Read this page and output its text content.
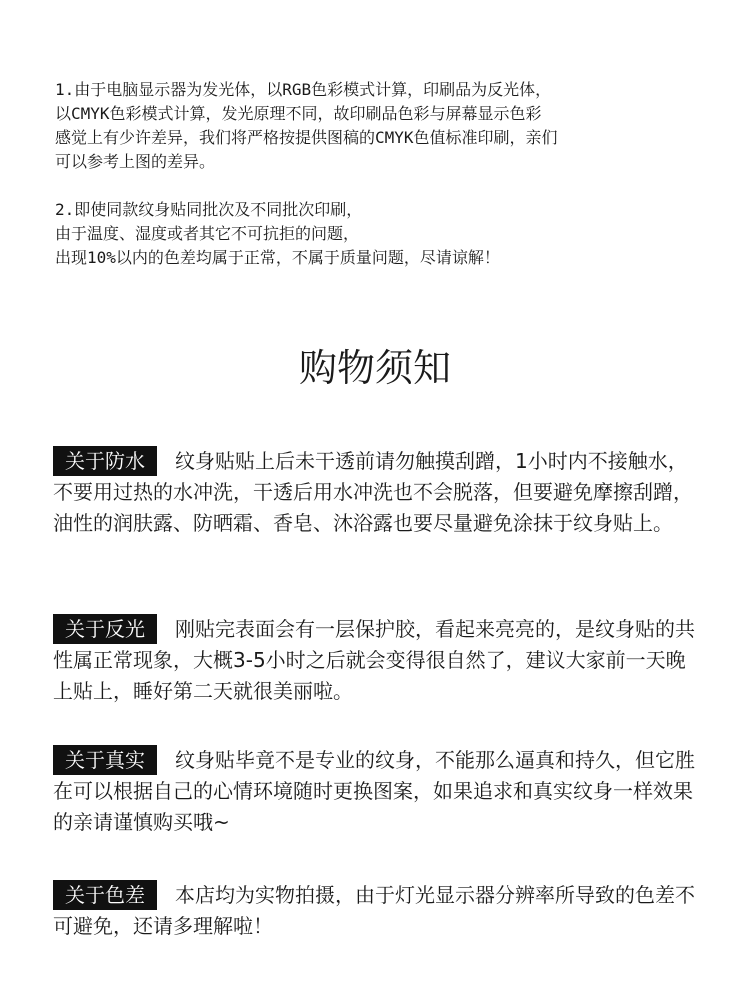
1.由于电脑显示器为发光体，以RGB色彩模式计算，印刷品为反光体，
以CMYK色彩模式计算，发光原理不同，故印刷品色彩与屏幕显示色彩
感觉上有少许差异，我们将严格按提供图稿的CMYK色值标准印刷，亲们
可以参考上图的差异。

2.即使同款纹身贴同批次及不同批次印刷，
由于温度、湿度或者其它不可抗拒的问题，
出现10%以内的色差均属于正常，不属于质量问题，尽请谅解！

购物须知
关于防水 纹身贴贴上后未干透前请勿触摸刮蹭，1小时内不接触水，不要用过热的水冲洗，干透后用水冲洗也不会脱落，但要避免摩擦刮蹭，油性的润肤露、防晒霜、香皂、沐浴露也要尽量避免涂抹于纹身贴上。
关于反光 刚贴完表面会有一层保护胶，看起来亮亮的，是纹身贴的共性属正常现象，大概3-5小时之后就会变得很自然了，建议大家前一天晚上贴上，睡好第二天就很美丽啦。
关于真实 纹身贴毕竟不是专业的纹身，不能那么逼真和持久，但它胜在可以根据自己的心情环境随时更换图案，如果追求和真实纹身一样效果的亲请谨慎购买哦~
关于色差 本店均为实物拍摄，由于灯光显示器分辨率所导致的色差不可避免，还请多理解啦！
